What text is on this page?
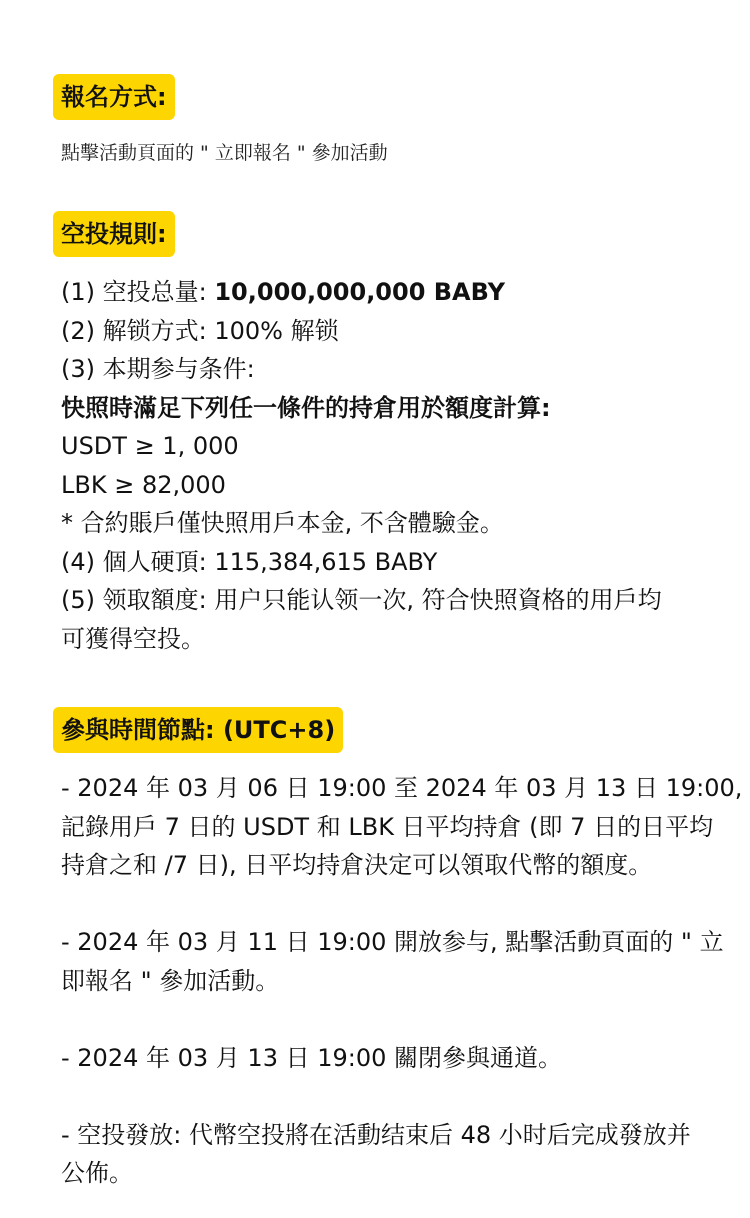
報名方式:
點擊活動頁面的 " 立即報名 " 參加活動
空投規則:
(1) 空投总量: 10,000,000,000 BABY
(2) 解锁方式: 100% 解锁
(3) 本期参与条件:
快照時滿足下列任一條件的持倉用於額度計算:
USDT ≥ 1, 000
LBK ≥ 82,000
* 合約賬戶僅快照用戶本金, 不含體驗金。
(4) 個人硬頂: 115,384,615 BABY
(5) 领取額度: 用户只能认领一次, 符合快照資格的用戶均
可獲得空投。
參與時間節點: (UTC+8)
- 2024 年 03 月 06 日 19:00 至 2024 年 03 月 13 日 19:00,
記錄用戶 7 日的 USDT 和 LBK 日平均持倉 (即 7 日的日平均
持倉之和 /7 日), 日平均持倉決定可以領取代幣的額度。
- 2024 年 03 月 11 日 19:00 開放参与, 點擊活動頁面的 " 立
即報名 " 參加活動。
- 2024 年 03 月 13 日 19:00 關閉參與通道。
- 空投發放: 代幣空投將在活動结束后 48 小时后完成發放并
公佈。
